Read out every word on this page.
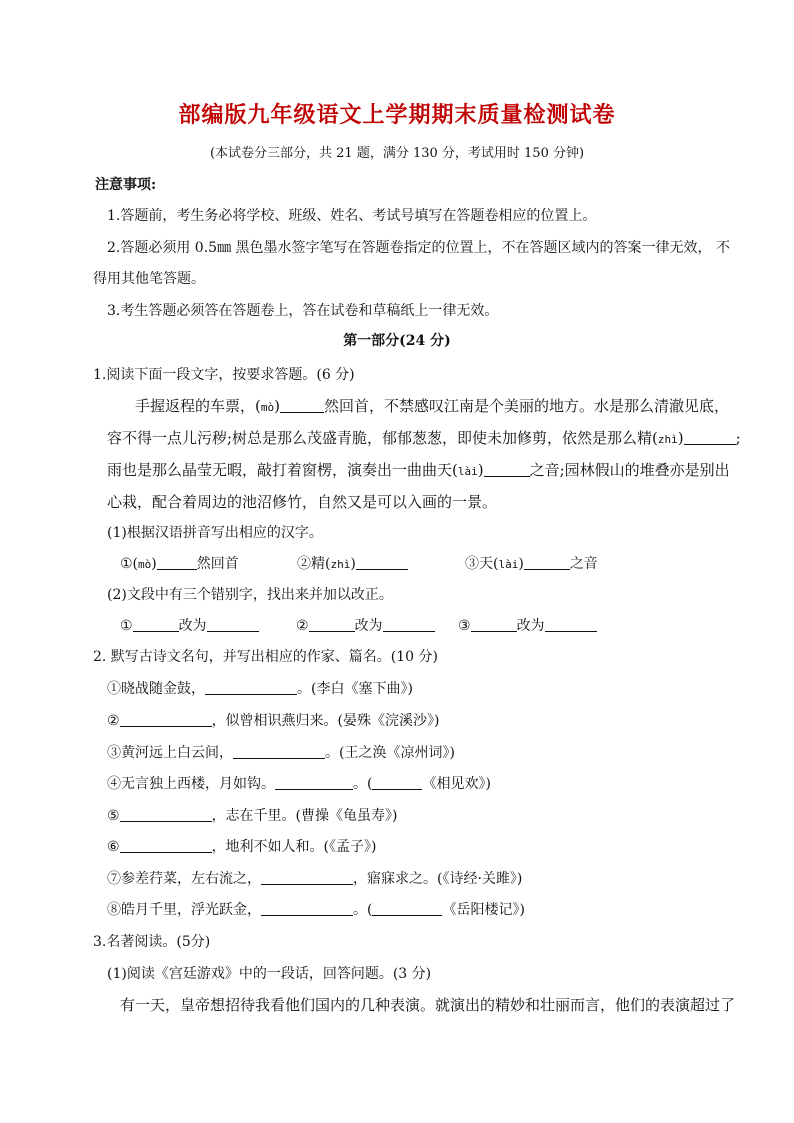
部编版九年级语文上学期期末质量检测试卷
(本试卷分三部分，共 21 题，满分 130 分，考试用时 150 分钟)
注意事项:
1.答题前，考生务必将学校、班级、姓名、考试号填写在答题卷相应的位置上。
2.答题必须用 0.5㎜ 黑色墨水签字笔写在答题卷指定的位置上，不在答题区域内的答案一律无效， 不
得用其他笔答题。
3.考生答题必须答在答题卷上，答在试卷和草稿纸上一律无效。
第一部分(24 分)
1.阅读下面一段文字，按要求答题。(6 分)
手握返程的车票，(mò)	然回首，不禁感叹江南是个美丽的地方。水是那么清澈见底，
容不得一点儿污秽;树总是那么茂盛青脆，郁郁葱葱，即使未加修剪，依然是那么精(zhì)	;
雨也是那么晶莹无暇，敲打着窗楞，演奏出一曲曲天(lài)	之音;园林假山的堆叠亦是别出
心栽，配合着周边的池沼修竹，自然又是可以入画的一景。
(1)根据汉语拼音写出相应的汉字。
①(mò)	然回首	②精(zhì)	③天(lài)	之音
(2)文段中有三个错别字，找出来并加以改正。
①	改为	②	改为	③	改为
2. 默写古诗文名句，并写出相应的作家、篇名。(10 分)
①晓战随金鼓，	。(李白《塞下曲》)
②	，似曾相识燕归来。(晏殊《浣溪沙》)
③黄河远上白云间，	。(王之涣《凉州词》)
④无言独上西楼，月如钩。	。(	《相见欢》)
⑤	，志在千里。(曹操《龟虽寿》)
⑥	，地利不如人和。(《孟子》)
⑦参差荇菜，左右流之，	，寤寐求之。(《诗经·关雎》)
⑧皓月千里，浮光跃金，	。(	《岳阳楼记》)
3.名著阅读。(5分)
(1)阅读《宫廷游戏》中的一段话，回答问题。(3 分)
有一天，皇帝想招待我看他们国内的几种表演。就演出的精妙和壮丽而言，他们的表演超过了
